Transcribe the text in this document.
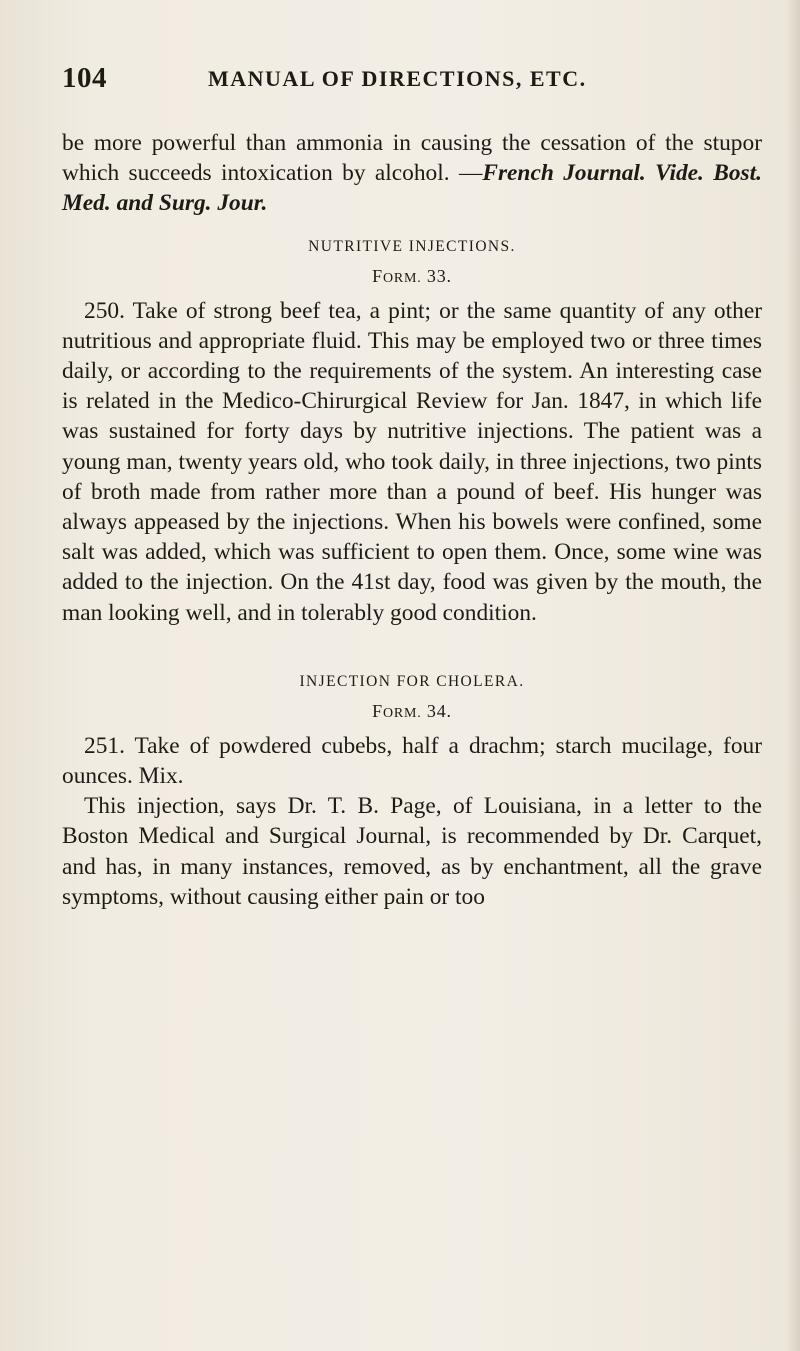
104	MANUAL OF DIRECTIONS, ETC.

be more powerful than ammonia in causing the cessation of the stupor which succeeds intoxication by alcohol. —French Journal. Vide. Bost. Med. and Surg. Jour.

NUTRITIVE INJECTIONS.
FORM. 33.

250. Take of strong beef tea, a pint; or the same quantity of any other nutritious and appropriate fluid. This may be employed two or three times daily, or according to the requirements of the system. An interesting case is related in the Medico-Chirurgical Review for Jan. 1847, in which life was sustained for forty days by nutritive injections. The patient was a young man, twenty years old, who took daily, in three injections, two pints of broth made from rather more than a pound of beef. His hunger was always appeased by the injections. When his bowels were confined, some salt was added, which was sufficient to open them. Once, some wine was added to the injection. On the 41st day, food was given by the mouth, the man looking well, and in tolerably good condition.

INJECTION FOR CHOLERA.
FORM. 34.

251. Take of powdered cubebs, half a drachm; starch mucilage, four ounces. Mix.

This injection, says Dr. T. B. Page, of Louisiana, in a letter to the Boston Medical and Surgical Journal, is recommended by Dr. Carquet, and has, in many instances, removed, as by enchantment, all the grave symptoms, without causing either pain or too
